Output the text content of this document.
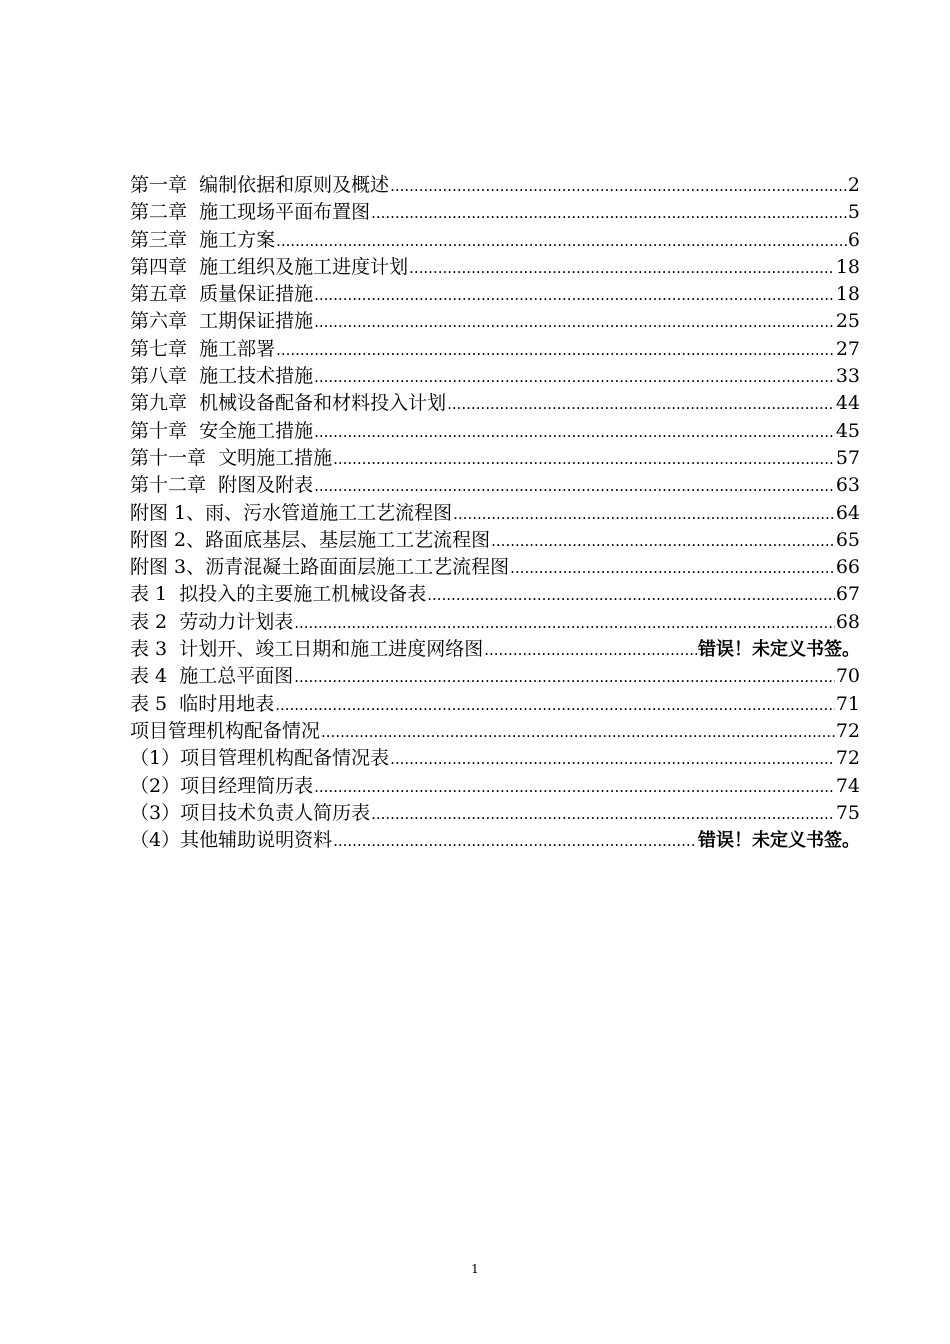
第一章  编制依据和原则及概述 .....	2
第二章  施工现场平面布置图 .....	5
第三章  施工方案 .....	6
第四章  施工组织及施工进度计划 .....	18
第五章  质量保证措施 .....	18
第六章  工期保证措施 .....	25
第七章  施工部署 .....	27
第八章  施工技术措施 .....	33
第九章  机械设备配备和材料投入计划 .....	44
第十章  安全施工措施 .....	45
第十一章  文明施工措施 .....	57
第十二章  附图及附表 .....	63
附图 1、雨、污水管道施工工艺流程图 .....	64
附图 2、路面底基层、基层施工工艺流程图 .....	65
附图 3、沥青混凝土路面面层施工工艺流程图 .....	66
表 1  拟投入的主要施工机械设备表 .....	67
表 2  劳动力计划表 .....	68
表 3  计划开、竣工日期和施工进度网络图 .....	错误！未定义书签。
表 4  施工总平面图 .....	70
表 5  临时用地表 .....	71
项目管理机构配备情况 .....	72
（1）项目管理机构配备情况表 .....	72
（2）项目经理简历表 .....	74
（3）项目技术负责人简历表 .....	75
（4）其他辅助说明资料 .....	错误！未定义书签。
1
